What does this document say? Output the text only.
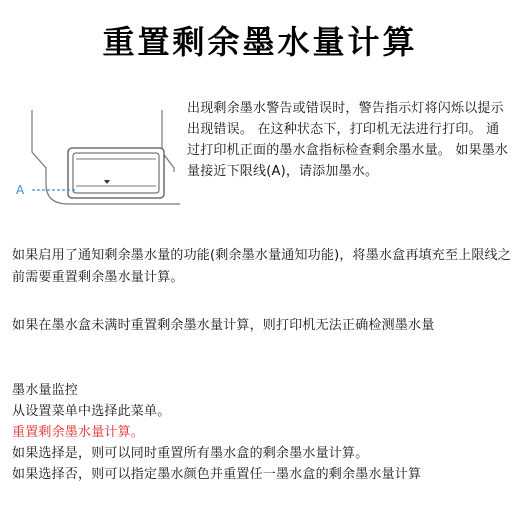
重置剩余墨水量计算
A
出现剩余墨水警告或错误时，警告指示灯将闪烁以提示出现错误。 在这种状态下，打印机无法进行打印。 通过打印机正面的墨水盒指标检查剩余墨水量。 如果墨水量接近下限线(A)，请添加墨水。
如果启用了通知剩余墨水量的功能(剩余墨水量通知功能)，将墨水盒再填充至上限线之前需要重置剩余墨水量计算。
如果在墨水盒未满时重置剩余墨水量计算，则打印机无法正确检测墨水量
墨水量监控
从设置菜单中选择此菜单。
重置剩余墨水量计算。
如果选择是，则可以同时重置所有墨水盒的剩余墨水量计算。
如果选择否，则可以指定墨水颜色并重置任一墨水盒的剩余墨水量计算
